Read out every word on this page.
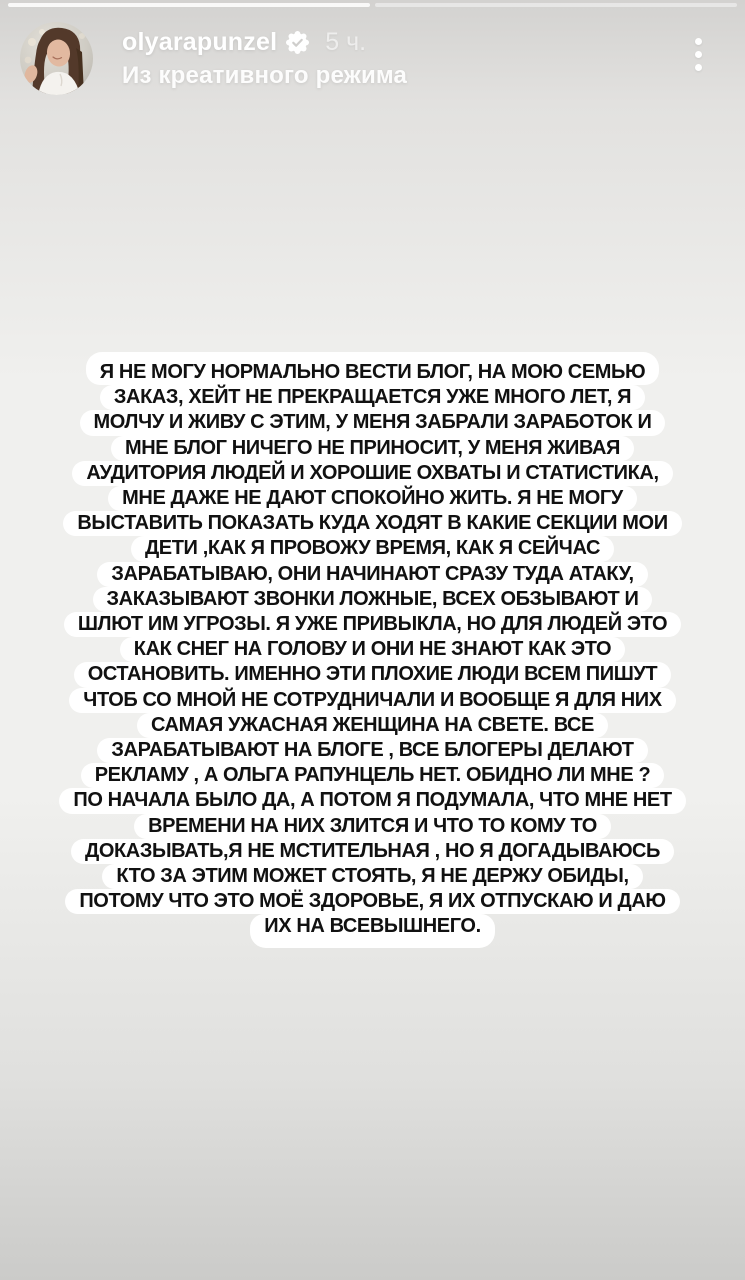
olyarapunzel 5 ч.
Из креативного режима
Я НЕ МОГУ НОРМАЛЬНО ВЕСТИ БЛОГ, НА МОЮ СЕМЬЮ
ЗАКАЗ, ХЕЙТ НЕ ПРЕКРАЩАЕТСЯ УЖЕ МНОГО ЛЕТ, Я
МОЛЧУ И ЖИВУ С ЭТИМ, У МЕНЯ ЗАБРАЛИ ЗАРАБОТОК И
МНЕ БЛОГ НИЧЕГО НЕ ПРИНОСИТ, У МЕНЯ ЖИВАЯ
АУДИТОРИЯ ЛЮДЕЙ И ХОРОШИЕ ОХВАТЫ И СТАТИСТИКА,
МНЕ ДАЖЕ НЕ ДАЮТ СПОКОЙНО ЖИТЬ. Я НЕ МОГУ
ВЫСТАВИТЬ ПОКАЗАТЬ КУДА ХОДЯТ В КАКИЕ СЕКЦИИ МОИ
ДЕТИ ,КАК Я ПРОВОЖУ ВРЕМЯ, КАК Я СЕЙЧАС
ЗАРАБАТЫВАЮ, ОНИ НАЧИНАЮТ СРАЗУ ТУДА АТАКУ,
ЗАКАЗЫВАЮТ ЗВОНКИ ЛОЖНЫЕ, ВСЕХ ОБЗЫВАЮТ И
ШЛЮТ ИМ УГРОЗЫ. Я УЖЕ ПРИВЫКЛА, НО ДЛЯ ЛЮДЕЙ ЭТО
КАК СНЕГ НА ГОЛОВУ И ОНИ НЕ ЗНАЮТ КАК ЭТО
ОСТАНОВИТЬ. ИМЕННО ЭТИ ПЛОХИЕ ЛЮДИ ВСЕМ ПИШУТ
ЧТОБ СО МНОЙ НЕ СОТРУДНИЧАЛИ И ВООБЩЕ Я ДЛЯ НИХ
САМАЯ УЖАСНАЯ ЖЕНЩИНА НА СВЕТЕ. ВСЕ
ЗАРАБАТЫВАЮТ НА БЛОГЕ , ВСЕ БЛОГЕРЫ ДЕЛАЮТ
РЕКЛАМУ , А ОЛЬГА РАПУНЦЕЛЬ НЕТ. ОБИДНО ЛИ МНЕ ?
ПО НАЧАЛА БЫЛО ДА, А ПОТОМ Я ПОДУМАЛА, ЧТО МНЕ НЕТ
ВРЕМЕНИ НА НИХ ЗЛИТСЯ И ЧТО ТО КОМУ ТО
ДОКАЗЫВАТЬ,Я НЕ МСТИТЕЛЬНАЯ , НО Я ДОГАДЫВАЮСЬ
КТО ЗА ЭТИМ МОЖЕТ СТОЯТЬ, Я НЕ ДЕРЖУ ОБИДЫ,
ПОТОМУ ЧТО ЭТО МОЁ ЗДОРОВЬЕ, Я ИХ ОТПУСКАЮ И ДАЮ
ИХ НА ВСЕВЫШНЕГО.
